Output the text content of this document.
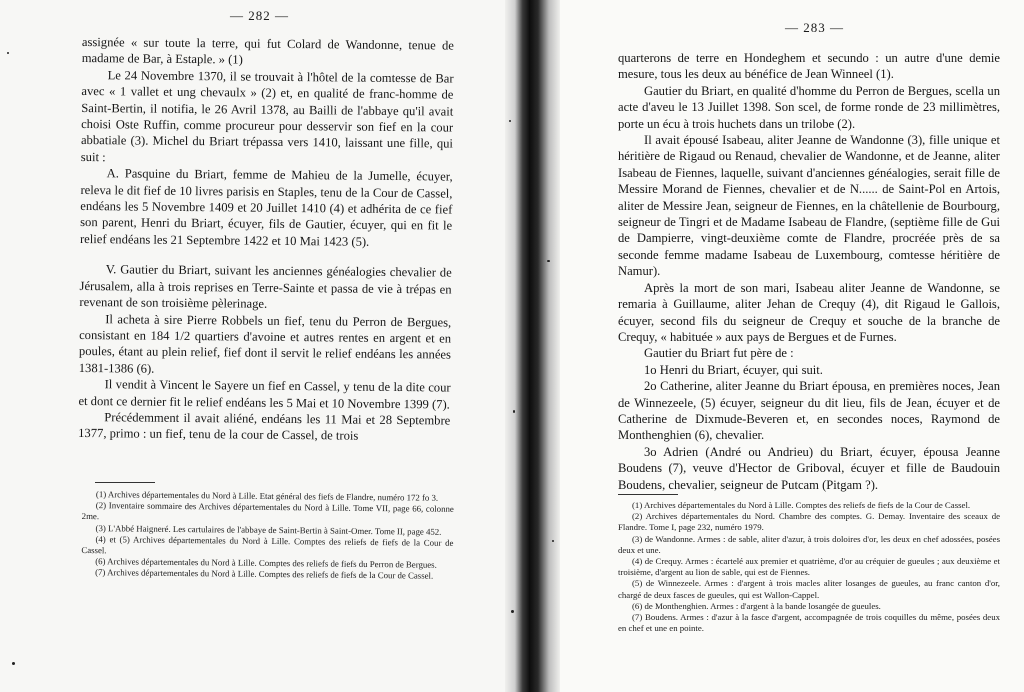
— 282 —

assignée « sur toute la terre, qui fut Colard de Wandonne, tenue de madame de Bar, à Estaple. » (1)

Le 24 Novembre 1370, il se trouvait à l'hôtel de la comtesse de Bar avec « 1 vallet et ung chevaulx » (2) et, en qualité de franc-homme de Saint-Bertin, il notifia, le 26 Avril 1378, au Bailli de l'abbaye qu'il avait choisi Oste Ruffin, comme procureur pour desservir son fief en la cour abbatiale (3). Michel du Briart trépassa vers 1410, laissant une fille, qui suit :

A. Pasquine du Briart, femme de Mahieu de la Jumelle, écuyer, releva le dit fief de 10 livres parisis en Staples, tenu de la Cour de Cassel, endéans les 5 Novembre 1409 et 20 Juillet 1410 (4) et adhérita de ce fief son parent, Henri du Briart, écuyer, fils de Gautier, écuyer, qui en fit le relief endéans les 21 Septembre 1422 et 10 Mai 1423 (5).

V. Gautier du Briart, suivant les anciennes généalogies chevalier de Jérusalem, alla à trois reprises en Terre-Sainte et passa de vie à trépas en revenant de son troisième pèlerinage.

Il acheta à sire Pierre Robbels un fief, tenu du Perron de Bergues, consistant en 184 1/2 quartiers d'avoine et autres rentes en argent et en poules, étant au plein relief, fief dont il servit le relief endéans les années 1381-1386 (6).

Il vendit à Vincent le Sayere un fief en Cassel, y tenu de la dite cour et dont ce dernier fit le relief endéans les 5 Mai et 10 Novembre 1399 (7).

Précédemment il avait aliéné, endéans les 11 Mai et 28 Septembre 1377, primo : un fief, tenu de la cour de Cassel, de trois

(1) Archives départementales du Nord à Lille. Etat général des fiefs de Flandre, numéro 172 fo 3.

(2) Inventaire sommaire des Archives départementales du Nord à Lille. Tome VII, page 66, colonne 2me.

(3) L'Abbé Haigneré. Les cartulaires de l'abbaye de Saint-Bertin à Saint-Omer. Tome II, page 452.

(4) et (5) Archives départementales du Nord à Lille. Comptes des reliefs de fiefs de la Cour de Cassel.

(6) Archives départementales du Nord à Lille. Comptes des reliefs de fiefs du Perron de Bergues.

(7) Archives départementales du Nord à Lille. Comptes des reliefs de fiefs de la Cour de Cassel.

— 283 —

quarterons de terre en Hondeghem et secundo : un autre d'une demie mesure, tous les deux au bénéfice de Jean Winneel (1).

Gautier du Briart, en qualité d'homme du Perron de Bergues, scella un acte d'aveu le 13 Juillet 1398. Son scel, de forme ronde de 23 millimètres, porte un écu à trois huchets dans un trilobe (2).

Il avait épousé Isabeau, aliter Jeanne de Wandonne (3), fille unique et héritière de Rigaud ou Renaud, chevalier de Wandonne, et de Jeanne, aliter Isabeau de Fiennes, laquelle, suivant d'anciennes généalogies, serait fille de Messire Morand de Fiennes, chevalier et de N...... de Saint-Pol en Artois, aliter de Messire Jean, seigneur de Fiennes, en la châtellenie de Bourbourg, seigneur de Tingri et de Madame Isabeau de Flandre, (septième fille de Gui de Dampierre, vingt-deuxième comte de Flandre, procréée près de sa seconde femme madame Isabeau de Luxembourg, comtesse héritière de Namur).

Après la mort de son mari, Isabeau aliter Jeanne de Wandonne, se remaria à Guillaume, aliter Jehan de Crequy (4), dit Rigaud le Gallois, écuyer, second fils du seigneur de Crequy et souche de la branche de Crequy, « habituée » aux pays de Bergues et de Furnes.

Gautier du Briart fut père de :

1o Henri du Briart, écuyer, qui suit.

2o Catherine, aliter Jeanne du Briart épousa, en premières noces, Jean de Winnezeele, (5) écuyer, seigneur du dit lieu, fils de Jean, écuyer et de Catherine de Dixmude-Beveren et, en secondes noces, Raymond de Monthenghien (6), chevalier.

3o Adrien (André ou Andrieu) du Briart, écuyer, épousa Jeanne Boudens (7), veuve d'Hector de Griboval, écuyer et fille de Baudouin Boudens, chevalier, seigneur de Putcam (Pitgam ?).

(1) Archives départementales du Nord à Lille. Comptes des reliefs de fiefs de la Cour de Cassel.

(2) Archives départementales du Nord. Chambre des comptes. G. Demay. Inventaire des sceaux de Flandre. Tome I, page 232, numéro 1979.

(3) de Wandonne. Armes : de sable, aliter d'azur, à trois doloires d'or, les deux en chef adossées, posées deux et une.

(4) de Crequy. Armes : écartelé aux premier et quatrième, d'or au créquier de gueules ; aux deuxième et troisième, d'argent au lion de sable, qui est de Fiennes.

(5) de Winnezeele. Armes : d'argent à trois macles aliter losanges de gueules, au franc canton d'or, chargé de deux fasces de gueules, qui est Wallon-Cappel.

(6) de Monthenghien. Armes : d'argent à la bande losangée de gueules.

(7) Boudens. Armes : d'azur à la fasce d'argent, accompagnée de trois coquilles du même, posées deux en chef et une en pointe.
